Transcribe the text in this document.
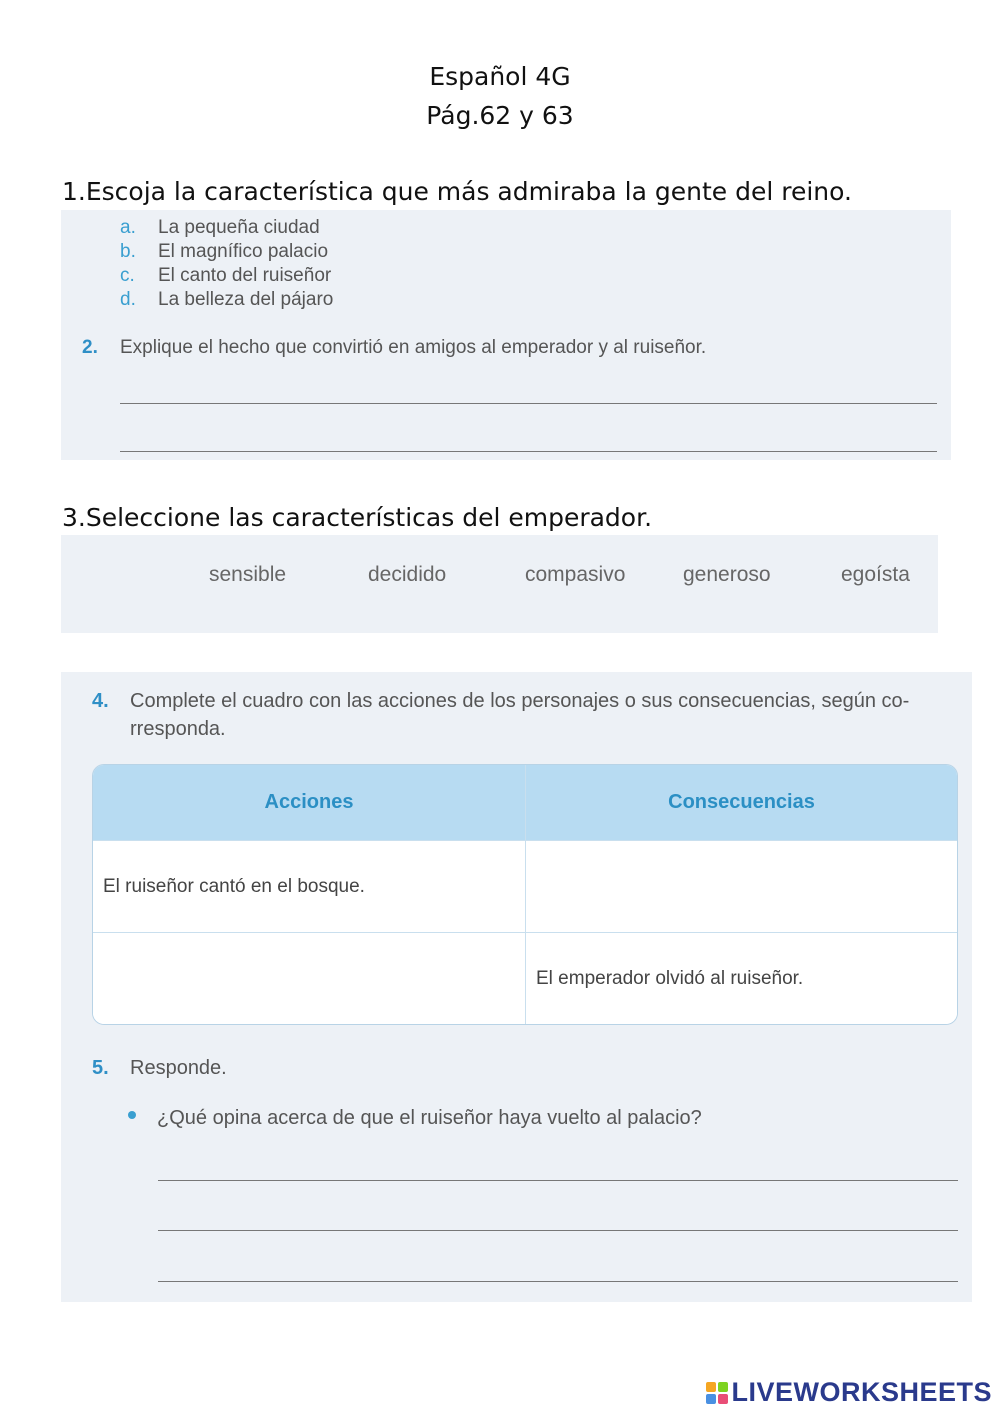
Español 4G
Pág.62 y 63
1.Escoja la característica que más admiraba la gente del reino.
a. La pequeña ciudad
b. El magnífico palacio
c. El canto del ruiseñor
d. La belleza del pájaro
2. Explique el hecho que convirtió en amigos al emperador y al ruiseñor.
3.Seleccione las características del emperador.
sensible	decidido	compasivo	generoso	egoísta
4. Complete el cuadro con las acciones de los personajes o sus consecuencias, según co-
rresponda.
Acciones	Consecuencias
El ruiseñor cantó en el bosque.	
	El emperador olvidó al ruiseñor.
5. Responde.
¿Qué opina acerca de que el ruiseñor haya vuelto al palacio?
LIVEWORKSHEETS
